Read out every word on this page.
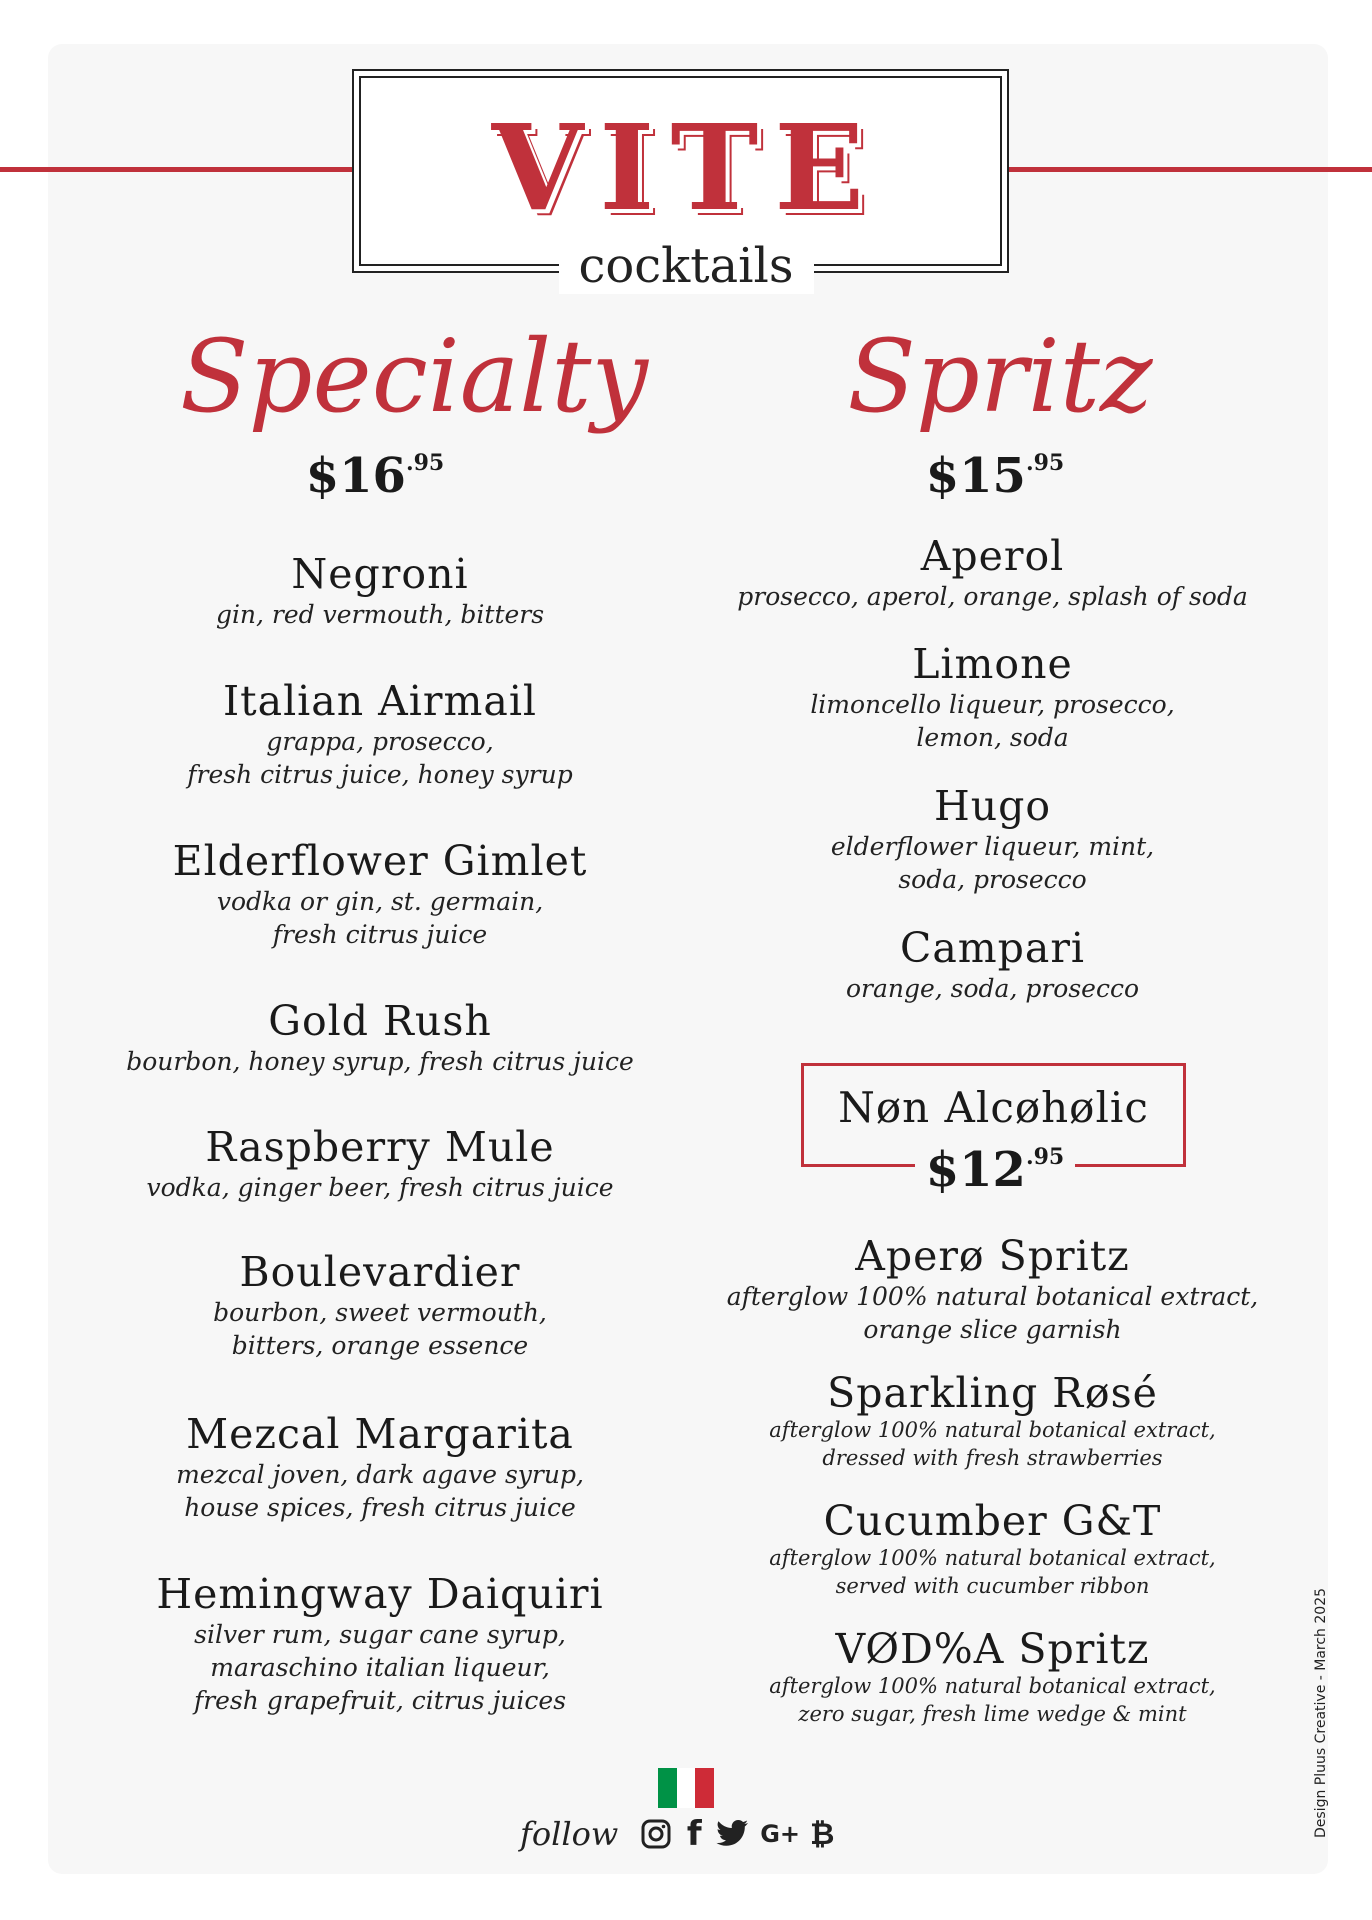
VITE
cocktails
Specialty
$\$16^{.95}$
Negroni
gin, red vermouth, bitters
Italian Airmail
grappa, prosecco,
fresh citrus juice, honey syrup
Elderflower Gimlet
vodka or gin, st. germain,
fresh citrus juice
Gold Rush
bourbon, honey syrup, fresh citrus juice
Raspberry Mule
vodka, ginger beer, fresh citrus juice
Boulevardier
bourbon, sweet vermouth,
bitters, orange essence
Mezcal Margarita
mezcal joven, dark agave syrup,
house spices, fresh citrus juice
Hemingway Daiquiri
silver rum, sugar cane syrup,
maraschino italian liqueur,
fresh grapefruit, citrus juices
Spritz
$\$15^{.95}$
Aperol
prosecco, aperol, orange, splash of soda
Limone
limoncello liqueur, prosecco,
lemon, soda
Hugo
elderflower liqueur, mint,
soda, prosecco
Campari
orange, soda, prosecco
Nøn Alcøhølic
$\$12^{.95}$
Aperø Spritz
afterglow 100% natural botanical extract,
orange slice garnish
Sparkling Røsé
afterglow 100% natural botanical extract,
dressed with fresh strawberries
Cucumber G&T
afterglow 100% natural botanical extract,
served with cucumber ribbon
VØD%A Spritz
afterglow 100% natural botanical extract,
zero sugar, fresh lime wedge & mint
follow f G+ ₿	Design Pluus Creative - March 2025
